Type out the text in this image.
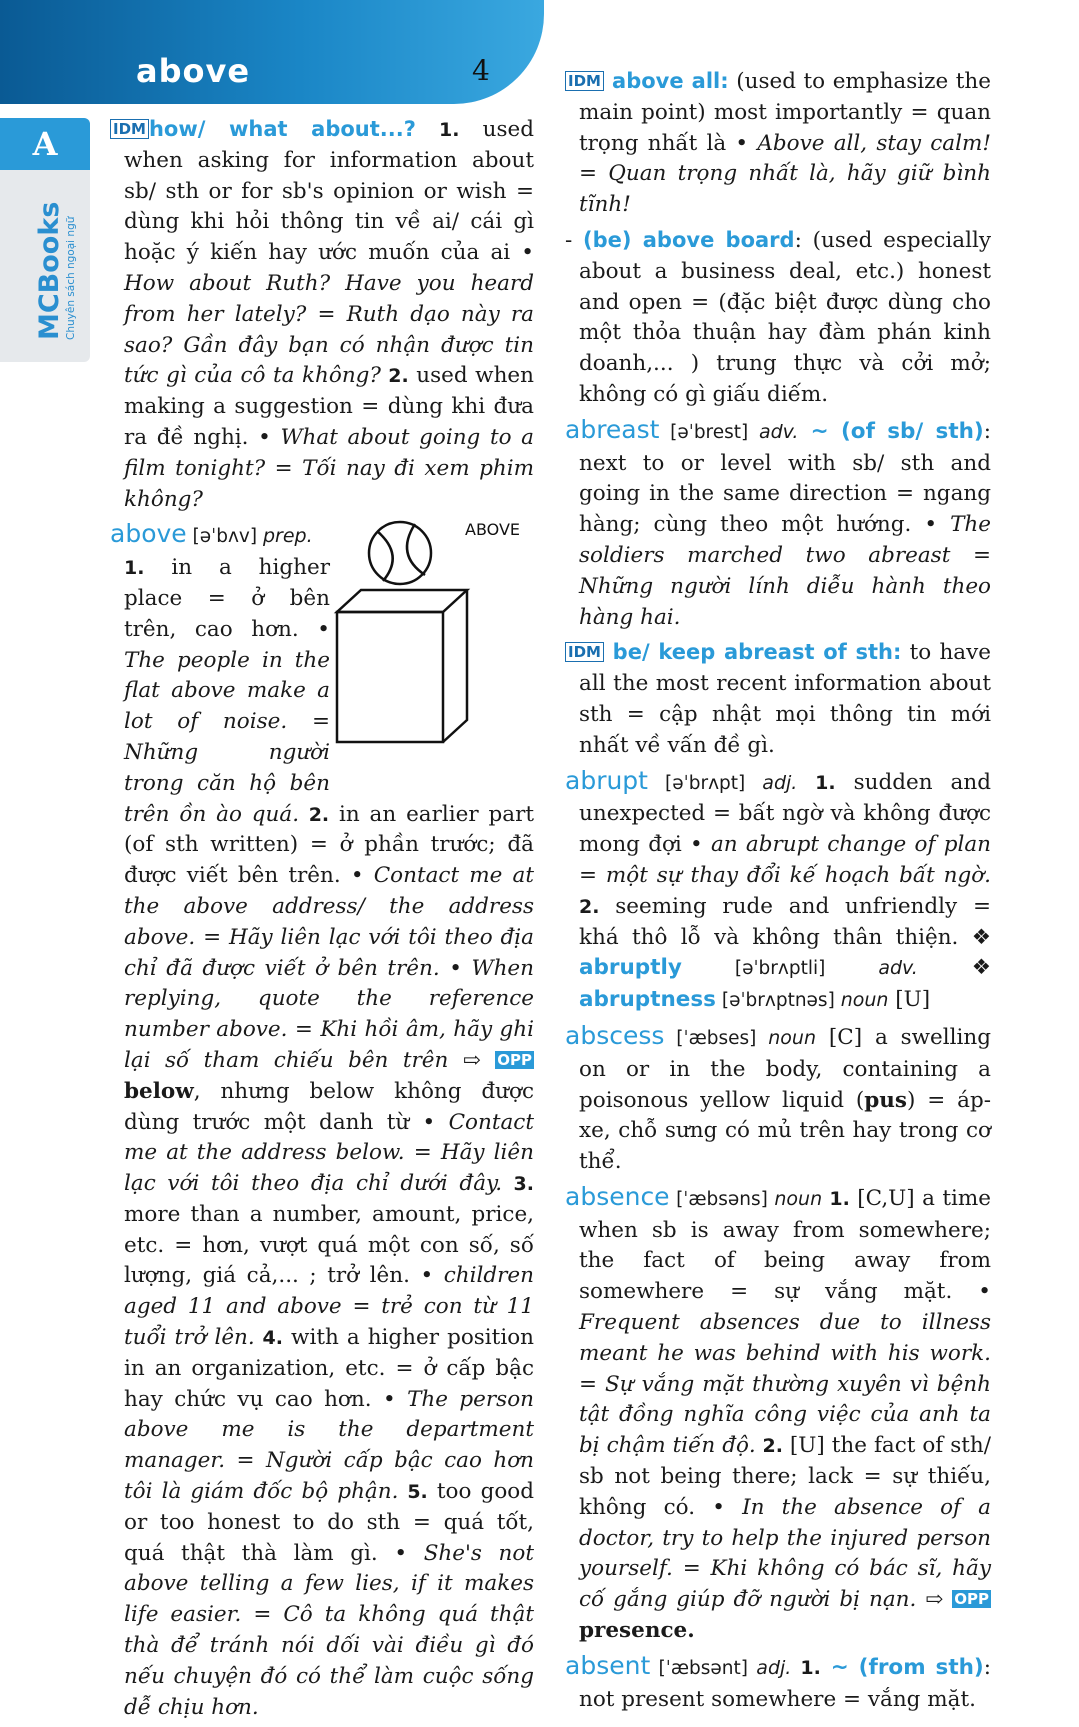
above	4
A
MCBooks Chuyên sách ngoại ngữ
ABOVE

IDM how/ what about...? 1. used when asking for information about sb/ sth or for sb's opinion or wish = dùng khi hỏi thông tin về ai/ cái gì hoặc ý kiến hay ước muốn của ai • How about Ruth? Have you heard from her lately? = Ruth dạo này ra sao? Gần đây bạn có nhận được tin tức gì của cô ta không? 2. used when making a suggestion = dùng khi đưa ra đề nghị. • What about going to a film tonight? = Tối nay đi xem phim không?

above [əˈbʌv] prep.

1. in a higher place = ở bên trên, cao hơn. • The people in the flat above make a lot of noise. = Những người trong căn hộ bên trên ồn ào quá. 2. in an earlier part (of sth written) = ở phần trước; đã được viết bên trên. • Contact me at the above address/ the address above. = Hãy liên lạc với tôi theo địa chỉ đã được viết ở bên trên. • When replying, quote the reference number above. = Khi hồi âm, hãy ghi lại số tham chiếu bên trên ⇨ OPP below, nhưng below không được dùng trước một danh từ • Contact me at the address below. = Hãy liên lạc với tôi theo địa chỉ dưới đây. 3. more than a number, amount, price, etc. = hơn, vượt quá một con số, số lượng, giá cả,... ; trở lên. • children aged 11 and above = trẻ con từ 11 tuổi trở lên. 4. with a higher position in an organization, etc. = ở cấp bậc hay chức vụ cao hơn. • The person above me is the department manager. = Người cấp bậc cao hơn tôi là giám đốc bộ phận. 5. too good or too honest to do sth = quá tốt, quá thật thà làm gì. • She's not above telling a few lies, if it makes life easier. = Cô ta không quá thật thà để tránh nói dối vài điều gì đó nếu chuyện đó có thể làm cuộc sống dễ chịu hơn.

IDM above all: (used to emphasize the main point) most importantly = quan trọng nhất là • Above all, stay calm! = Quan trọng nhất là, hãy giữ bình tĩnh!

- (be) above board: (used especially about a business deal, etc.) honest and open = (đặc biệt được dùng cho một thỏa thuận hay đàm phán kinh doanh,... ) trung thực và cởi mở; không có gì giấu diếm.

abreast [əˈbrest] adv. ~ (of sb/ sth): next to or level with sb/ sth and going in the same direction = ngang hàng; cùng theo một hướng. • The soldiers marched two abreast = Những người lính diễu hành theo hàng hai.

IDM be/ keep abreast of sth: to have all the most recent information about sth = cập nhật mọi thông tin mới nhất về vấn đề gì.

abrupt [əˈbrʌpt] adj. 1. sudden and unexpected = bất ngờ và không được mong đợi • an abrupt change of plan = một sự thay đổi kế hoạch bất ngờ. 2. seeming rude and unfriendly = khá thô lỗ và không thân thiện. ❖ abruptly [əˈbrʌptli] adv. ❖ abruptness [əˈbrʌptnəs] noun [U]

abscess [ˈæbses] noun [C] a swelling on or in the body, containing a poisonous yellow liquid (pus) = áp-xe, chỗ sưng có mủ trên hay trong cơ thể.

absence [ˈæbsəns] noun 1. [C,U] a time when sb is away from somewhere; the fact of being away from somewhere = sự vắng mặt. • Frequent absences due to illness meant he was behind with his work. = Sự vắng mặt thường xuyên vì bệnh tật đồng nghĩa công việc của anh ta bị chậm tiến độ. 2. [U] the fact of sth/ sb not being there; lack = sự thiếu, không có. • In the absence of a doctor, try to help the injured person yourself. = Khi không có bác sĩ, hãy cố gắng giúp đỡ người bị nạn. ⇨ OPP presence.

absent [ˈæbsənt] adj. 1. ~ (from sth): not present somewhere = vắng mặt.
